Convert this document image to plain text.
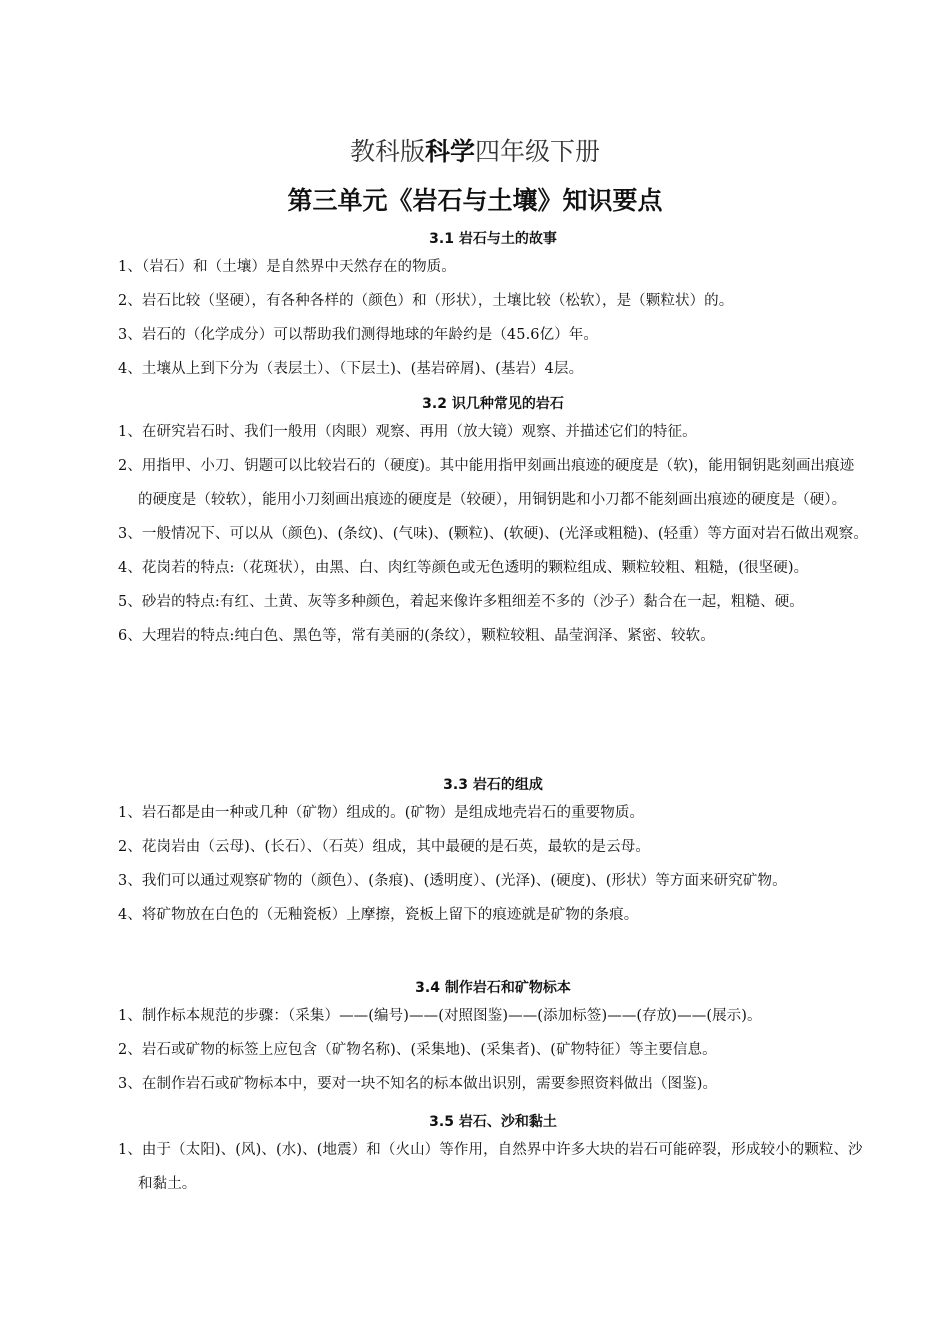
教科版科学四年级下册
第三单元《岩石与土壤》知识要点
3.1 岩石与土的故事
1、（岩石）和（土壤）是自然界中天然存在的物质。
2、岩石比较（坚硬），有各种各样的（颜色）和（形状），土壤比较（松软），是（颗粒状）的。
3、岩石的（化学成分）可以帮助我们测得地球的年龄约是（45.6亿）年。
4、土壤从上到下分为（表层土）、（下层土)、(基岩碎屑)、(基岩）4层。
3.2 识几种常见的岩石
1、在研究岩石时、我们一般用（肉眼）观察、再用（放大镜）观察、并描述它们的特征。
2、用指甲、小刀、钥题可以比较岩石的（硬度)。其中能用指甲刻画出痕迹的硬度是（软)，能用铜钥匙刻画出痕迹的硬度是（较软），能用小刀刻画出痕迹的硬度是（较硬），用铜钥匙和小刀都不能刻画出痕迹的硬度是（硬）。
3、一般情况下、可以从（颜色)、(条纹)、(气味)、(颗粒)、(软硬)、(光泽或粗糙)、(轻重）等方面对岩石做出观察。
4、花岗若的特点:（花斑状），由黑、白、肉红等颜色或无色透明的颗粒组成、颗粒较粗、粗糙，(很坚硬)。
5、砂岩的特点:有红、土黄、灰等多种颜色，着起来像许多粗细差不多的（沙子）黏合在一起，粗糙、硬。
6、大理岩的特点:纯白色、黑色等，常有美丽的(条纹），颗粒较粗、晶莹润泽、紧密、较软。
3.3 岩石的组成
1、岩石都是由一种或几种（矿物）组成的。(矿物）是组成地壳岩石的重要物质。
2、花岗岩由（云母)、(长石）、（石英）组成，其中最硬的是石英，最软的是云母。
3、我们可以通过观察矿物的（颜色）、(条痕)、(透明度）、(光泽)、(硬度)、(形状）等方面来研究矿物。
4、将矿物放在白色的（无釉瓷板）上摩擦，瓷板上留下的痕迹就是矿物的条痕。
3.4 制作岩石和矿物标本
1、制作标本规范的步骤：（采集）——(编号)——(对照图鉴)——(添加标签)——(存放)——(展示)。
2、岩石或矿物的标签上应包含（矿物名称)、(采集地)、(采集者)、(矿物特征）等主要信息。
3、在制作岩石或矿物标本中，要对一块不知名的标本做出识别，需要参照资料做出（图鉴)。
3.5 岩石、沙和黏土
1、由于（太阳)、(风)、(水)、(地震）和（火山）等作用，自然界中许多大块的岩石可能碎裂，形成较小的颗粒、沙和黏土。
